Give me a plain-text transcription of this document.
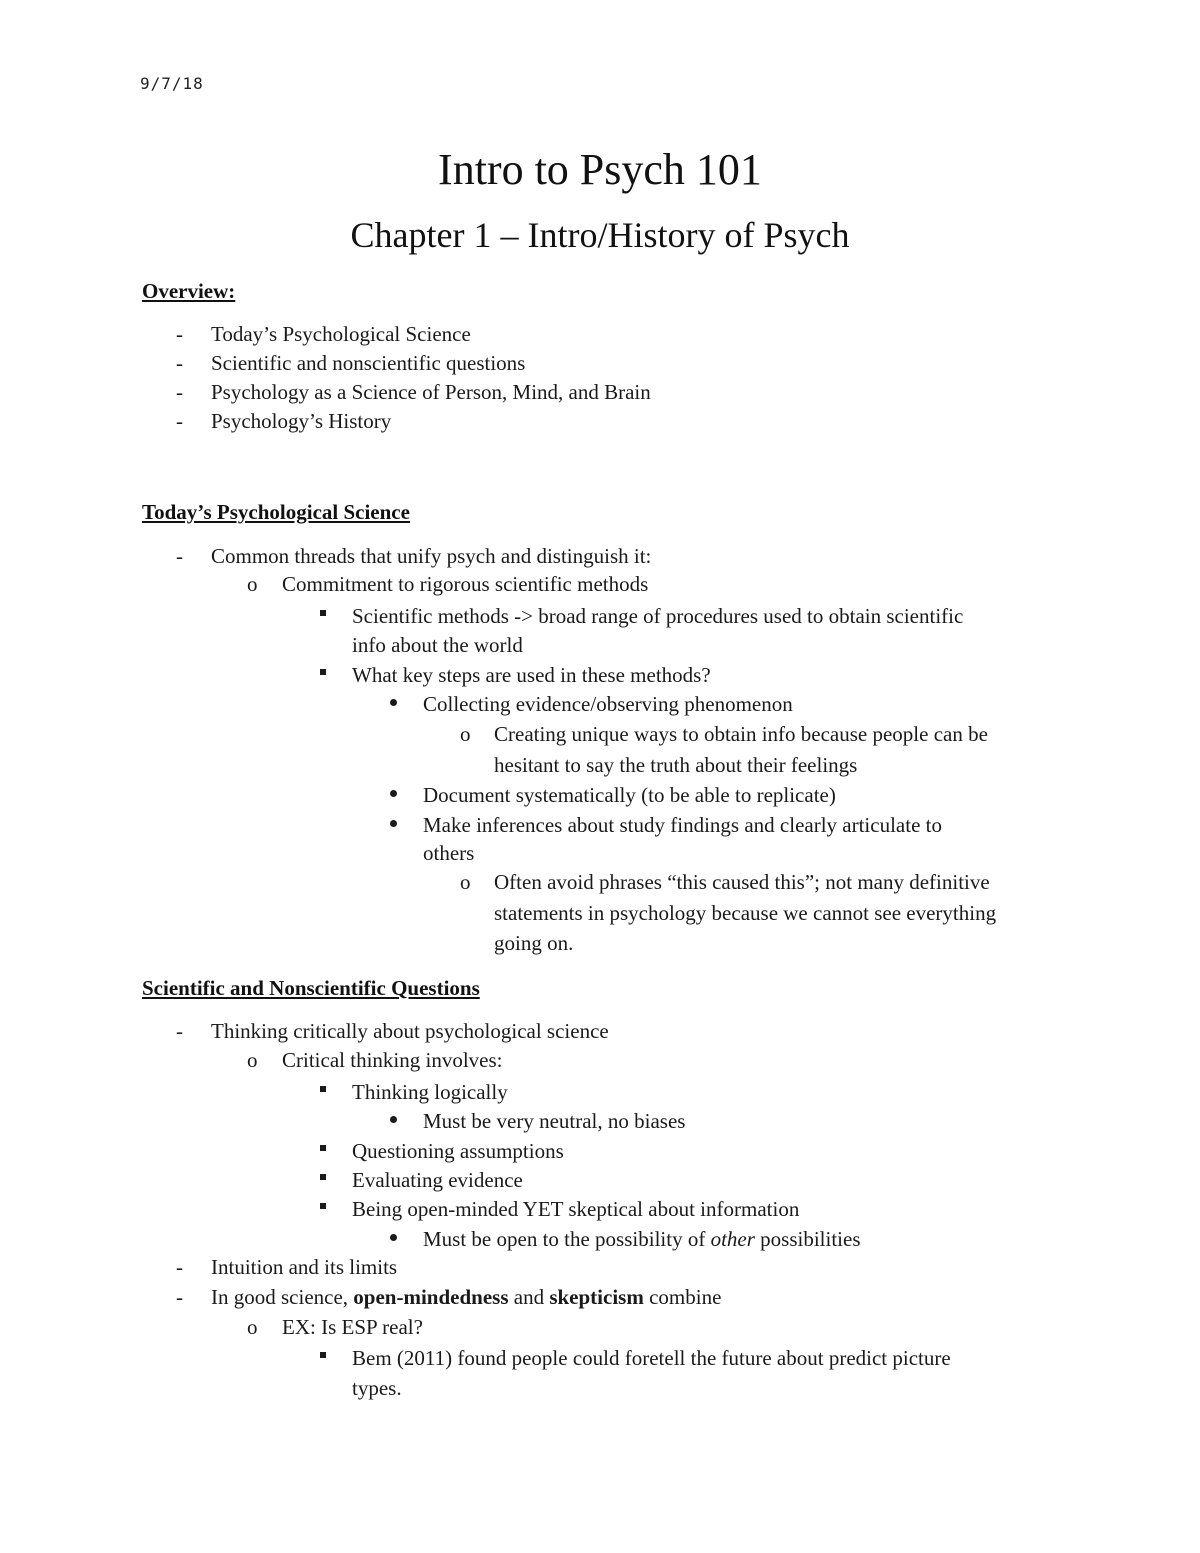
9/7/18
Intro to Psych 101
Chapter 1 – Intro/History of Psych
Overview:
- Today’s Psychological Science
- Scientific and nonscientific questions
- Psychology as a Science of Person, Mind, and Brain
- Psychology’s History
Today’s Psychological Science
- Common threads that unify psych and distinguish it:
o Commitment to rigorous scientific methods
Scientific methods -> broad range of procedures used to obtain scientific
info about the world
What key steps are used in these methods?
Collecting evidence/observing phenomenon
o Creating unique ways to obtain info because people can be
hesitant to say the truth about their feelings
Document systematically (to be able to replicate)
Make inferences about study findings and clearly articulate to
others
o Often avoid phrases “this caused this”; not many definitive
statements in psychology because we cannot see everything
going on.
Scientific and Nonscientific Questions
- Thinking critically about psychological science
o Critical thinking involves:
Thinking logically
Must be very neutral, no biases
Questioning assumptions
Evaluating evidence
Being open-minded YET skeptical about information
Must be open to the possibility of other possibilities
- Intuition and its limits
- In good science, open-mindedness and skepticism combine
o EX: Is ESP real?
Bem (2011) found people could foretell the future about predict picture
types.
